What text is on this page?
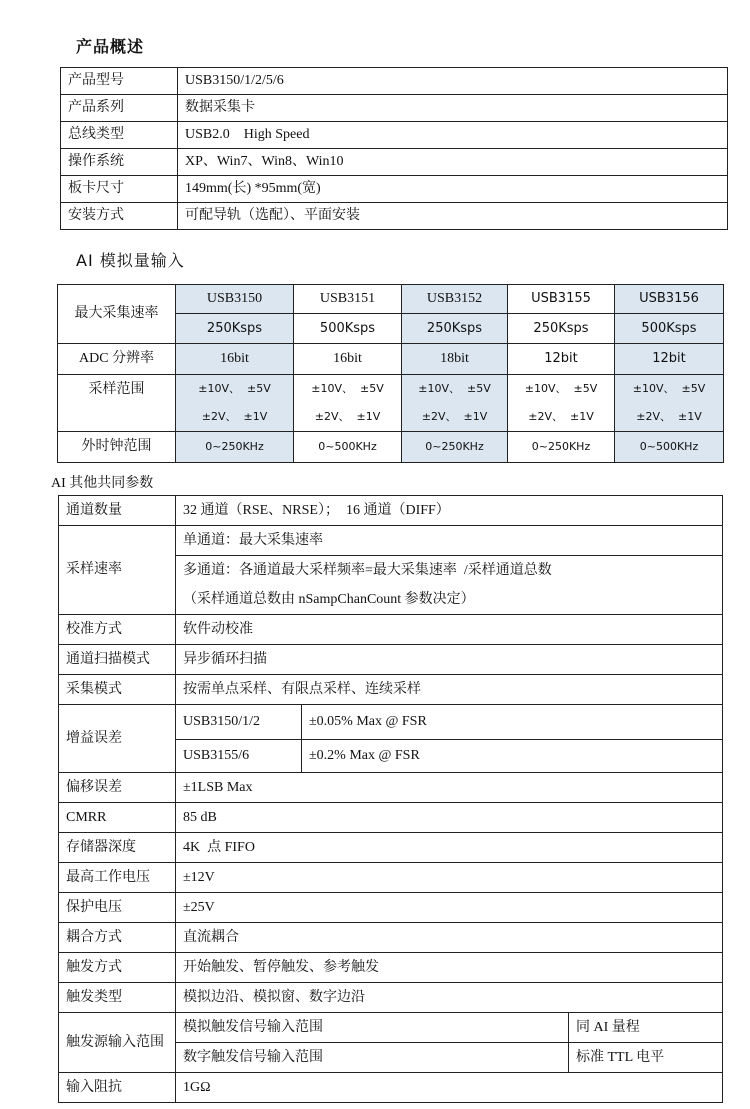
产品概述
产品型号	USB3150/1/2/5/6
产品系列	数据采集卡
总线类型	USB2.0    High Speed
操作系统	XP、Win7、Win8、Win10
板卡尺寸	149mm(长) *95mm(宽)
安装方式	可配导轨（选配）、平面安装
AI 模拟量输入
最大采集速率	USB3150	USB3151	USB3152	USB3155	USB3156
	250Ksps	500Ksps	250Ksps	250Ksps	500Ksps
ADC 分辨率	16bit	16bit	18bit	12bit	12bit
采样范围	±10V、  ±5V	±10V、  ±5V	±10V、  ±5V	±10V、  ±5V	±10V、  ±5V
	±2V、  ±1V	±2V、  ±1V	±2V、  ±1V	±2V、  ±1V	±2V、  ±1V
外时钟范围	0~250KHz	0~500KHz	0~250KHz	0~250KHz	0~500KHz
AI 其他共同参数
通道数量	32 通道（RSE、NRSE）；  16 通道（DIFF）		
采样速率	单通道：最大采集速率		
	多通道：各通道最大采样频率=最大采集速率  /采样通道总数		
	（采样通道总数由 nSampChanCount 参数决定）		
校准方式	软件动校准		
通道扫描模式	异步循环扫描		
采集模式	按需单点采样、有限点采样、连续采样		
增益误差	USB3150/1/2	±0.05% Max @ FSR	
	USB3155/6	±0.2% Max @ FSR	
偏移误差	±1LSB Max		
CMRR	85 dB		
存储器深度	4K  点 FIFO		
最高工作电压	±12V		
保护电压	±25V		
耦合方式	直流耦合		
触发方式	开始触发、暂停触发、参考触发		
触发类型	模拟边沿、模拟窗、数字边沿		
触发源输入范围	模拟触发信号输入范围		同 AI 量程
	数字触发信号输入范围		标准 TTL 电平
输入阻抗	1GΩ		
